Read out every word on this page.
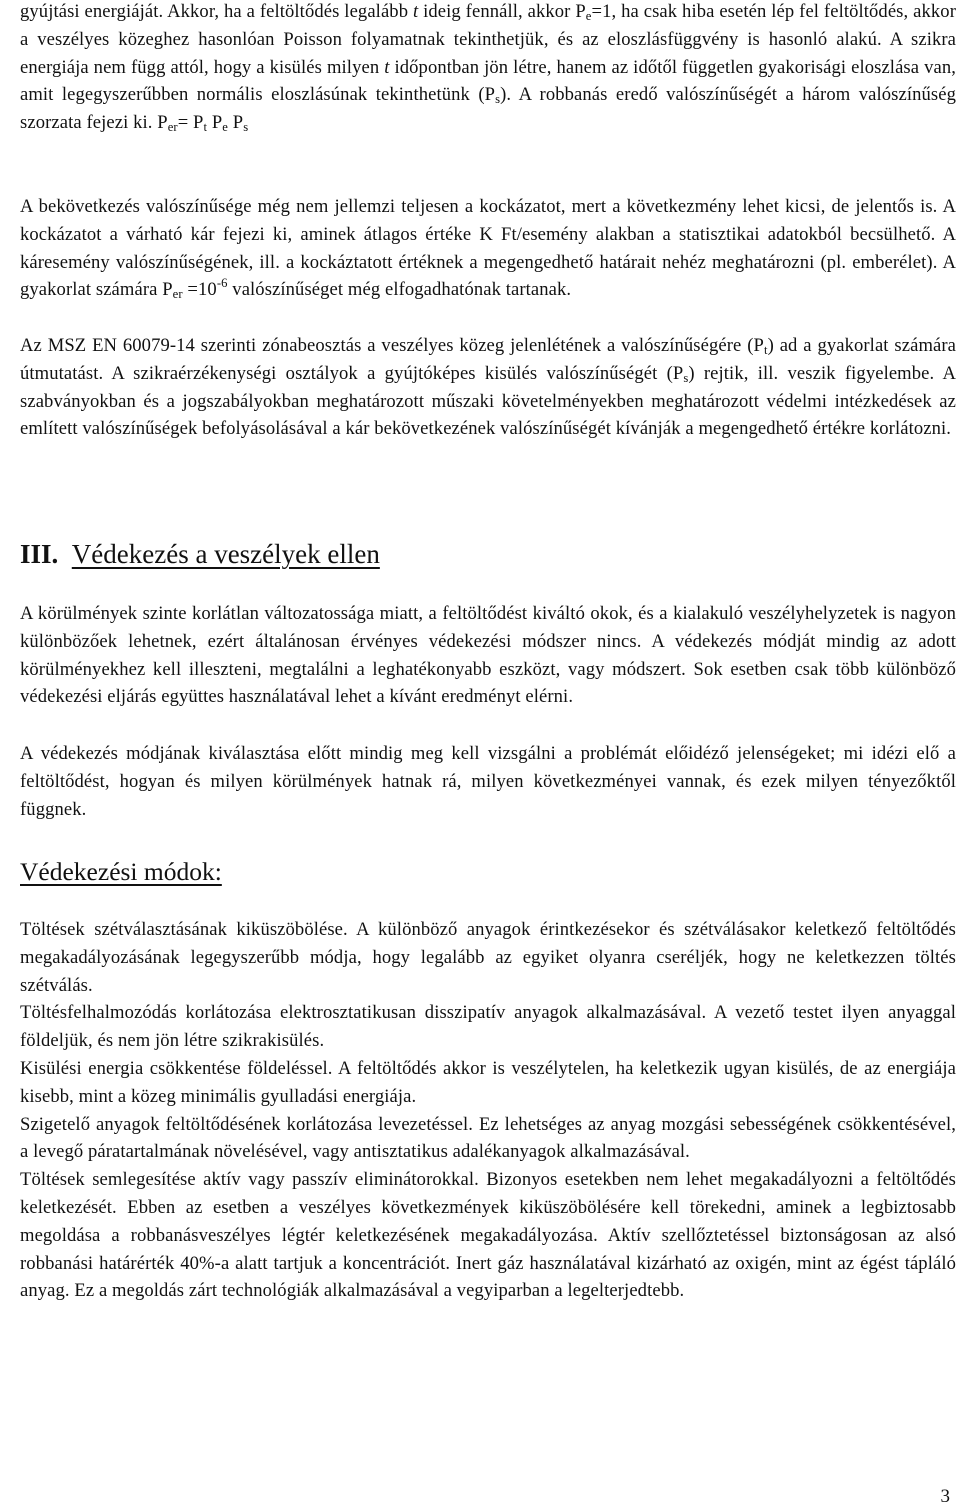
gyújtási energiáját. Akkor, ha a feltöltődés legalább t ideig fennáll, akkor $P_e=1$, ha csak hiba esetén lép fel feltöltődés, akkor a veszélyes közeghez hasonlóan Poisson folyamatnak tekinthetjük, és az eloszlásfüggvény is hasonló alakú. A szikra energiája nem függ attól, hogy a kisülés milyen t időpontban jön létre, hanem az időtől független gyakorisági eloszlása van, amit legegyszerűbben normális eloszlásúnak tekinthetünk $(P_s)$. A robbanás eredő valószínűségét a három valószínűség szorzata fejezi ki. $P_{er}= P_t$ $P_e$ $P_s$

A bekövetkezés valószínűsége még nem jellemzi teljesen a kockázatot, mert a következmény lehet kicsi, de jelentős is. A kockázatot a várható kár fejezi ki, aminek átlagos értéke K Ft/esemény alakban a statisztikai adatokból becsülhető. A káresemény valószínűségének, ill. a kockáztatott értéknek a megengedhető határait nehéz meghatározni (pl. emberélet). A gyakorlat számára $P_{er} =10^{-6}$ valószínűséget még elfogadhatónak tartanak.

Az MSZ EN 60079-14 szerinti zónabeosztás a veszélyes közeg jelenlétének a valószínűségére $(P_t)$ ad a gyakorlat számára útmutatást. A szikraérzékenységi osztályok a gyújtóképes kisülés valószínűségét $(P_s)$ rejtik, ill. veszik figyelembe. A szabványokban és a jogszabályokban meghatározott műszaki követelményekben meghatározott védelmi intézkedések az említett valószínűségek befolyásolásával a kár bekövetkezének valószínűségét kívánják a megengedhető értékre korlátozni.

III. Védekezés a veszélyek ellen

A körülmények szinte korlátlan változatossága miatt, a feltöltődést kiváltó okok, és a kialakuló veszélyhelyzetek is nagyon különbözőek lehetnek, ezért általánosan érvényes védekezési módszer nincs. A védekezés módját mindig az adott körülményekhez kell illeszteni, megtalálni a leghatékonyabb eszközt, vagy módszert. Sok esetben csak több különböző védekezési eljárás együttes használatával lehet a kívánt eredményt elérni.

A védekezés módjának kiválasztása előtt mindig meg kell vizsgálni a problémát előidéző jelenségeket; mi idézi elő a feltöltődést, hogyan és milyen körülmények hatnak rá, milyen következményei vannak, és ezek milyen tényezőktől függnek.

Védekezési módok:

Töltések szétválasztásának kiküszöbölése. A különböző anyagok érintkezésekor és szétválásakor keletkező feltöltődés megakadályozásának legegyszerűbb módja, hogy legalább az egyiket olyanra cseréljék, hogy ne keletkezzen töltés szétválás.

Töltésfelhalmozódás korlátozása elektrosztatikusan disszipatív anyagok alkalmazásával. A vezető testet ilyen anyaggal földeljük, és nem jön létre szikrakisülés.

Kisülési energia csökkentése földeléssel. A feltöltődés akkor is veszélytelen, ha keletkezik ugyan kisülés, de az energiája kisebb, mint a közeg minimális gyulladási energiája.

Szigetelő anyagok feltöltődésének korlátozása levezetéssel. Ez lehetséges az anyag mozgási sebességének csökkentésével, a levegő páratartalmának növelésével, vagy antisztatikus adalékanyagok alkalmazásával.

Töltések semlegesítése aktív vagy passzív eliminátorokkal. Bizonyos esetekben nem lehet megakadályozni a feltöltődés keletkezését. Ebben az esetben a veszélyes következmények kiküszöbölésére kell törekedni, aminek a legbiztosabb megoldása a robbanásveszélyes légtér keletkezésének megakadályozása. Aktív szellőztetéssel biztonságosan az alsó robbanási határérték 40%-a alatt tartjuk a koncentrációt. Inert gáz használatával kizárható az oxigén, mint az égést tápláló anyag. Ez a megoldás zárt technológiák alkalmazásával a vegyiparban a legelterjedtebb.

3
